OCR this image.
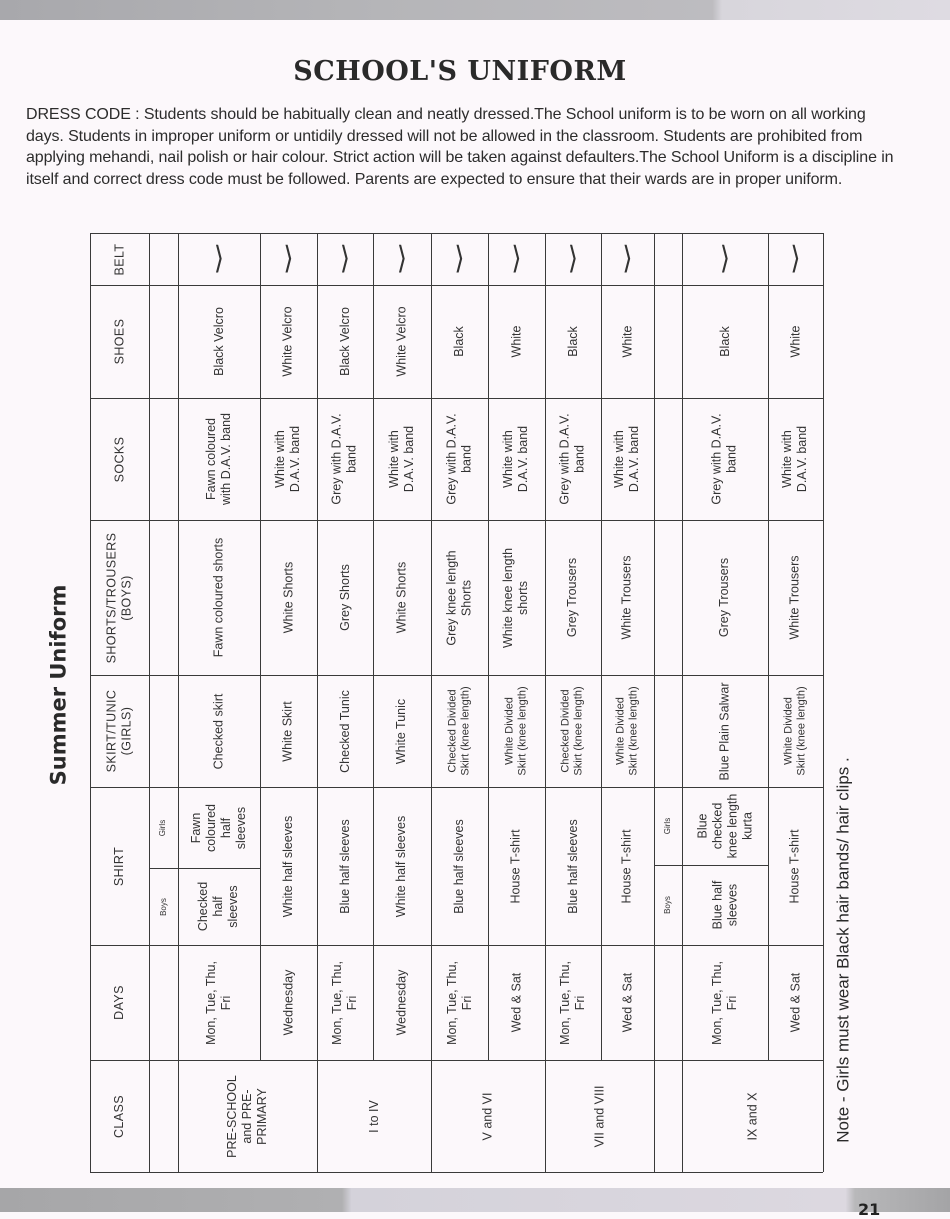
21
SCHOOL'S UNIFORM

DRESS CODE : Students should be habitually clean and neatly dressed.The School uniform is to be worn on all working days. Students in improper uniform or untidily dressed will not be allowed in the classroom. Students are prohibited from applying mehandi, nail polish or hair colour. Strict action will be taken against defaulters.The School Uniform is a discipline in itself and correct dress code must be followed. Parents are expected to ensure that their wards are in proper uniform.

Summer Uniform
Note - Girls must wear Black hair bands/ hair clips .
BELT
SHOES
SOCKS
SHORTS/TROUSERS (BOYS)
SKIRT/TUNIC (GIRLS)
SHIRT
DAYS
CLASS	PRE-SCHOOL and PRE- PRIMARY
⟩
Black Velcro
Fawn coloured with D.A.V. band
Fawn coloured shorts
Checked skirt
Fawn coloured half sleeves
Checked half sleeves
Mon, Tue, Thu, Fri
⟩
White Velcro
White with D.A.V. band
White Shorts
White Skirt
White half sleeves
Wednesday
Girls
Boys
I to IV
⟩
Black Velcro
Grey with D.A.V. band
Grey Shorts
Checked Tunic
Blue half sleeves
Mon, Tue, Thu, Fri
⟩
White Velcro
White with D.A.V. band
White Shorts
White Tunic
White half sleeves
Wednesday
V and VI
⟩
Black
Grey with D.A.V. band
Grey knee length Shorts
Checked Divided Skirt (knee length)
Blue half sleeves
Mon, Tue, Thu, Fri
⟩
White
White with D.A.V. band
White knee length shorts
White Divided Skirt (knee length)
House T-shirt
Wed & Sat
VII and VIII
⟩
Black
Grey with D.A.V. band
Grey Trousers
Checked Divided Skirt (knee length)
Blue half sleeves
Mon, Tue, Thu, Fri
⟩
White
White with D.A.V. band
White Trousers
White Divided Skirt (knee length)
House T-shirt
Wed & Sat
IX and X
⟩
Black
Grey with D.A.V. band
Grey Trousers
Blue Plain Salwar
Blue checked knee length kurta
Blue half sleeves
Mon, Tue, Thu, Fri
⟩
White
White with D.A.V. band
White Trousers
White Divided Skirt (knee length)
House T-shirt
Wed & Sat
Girls
Boys
